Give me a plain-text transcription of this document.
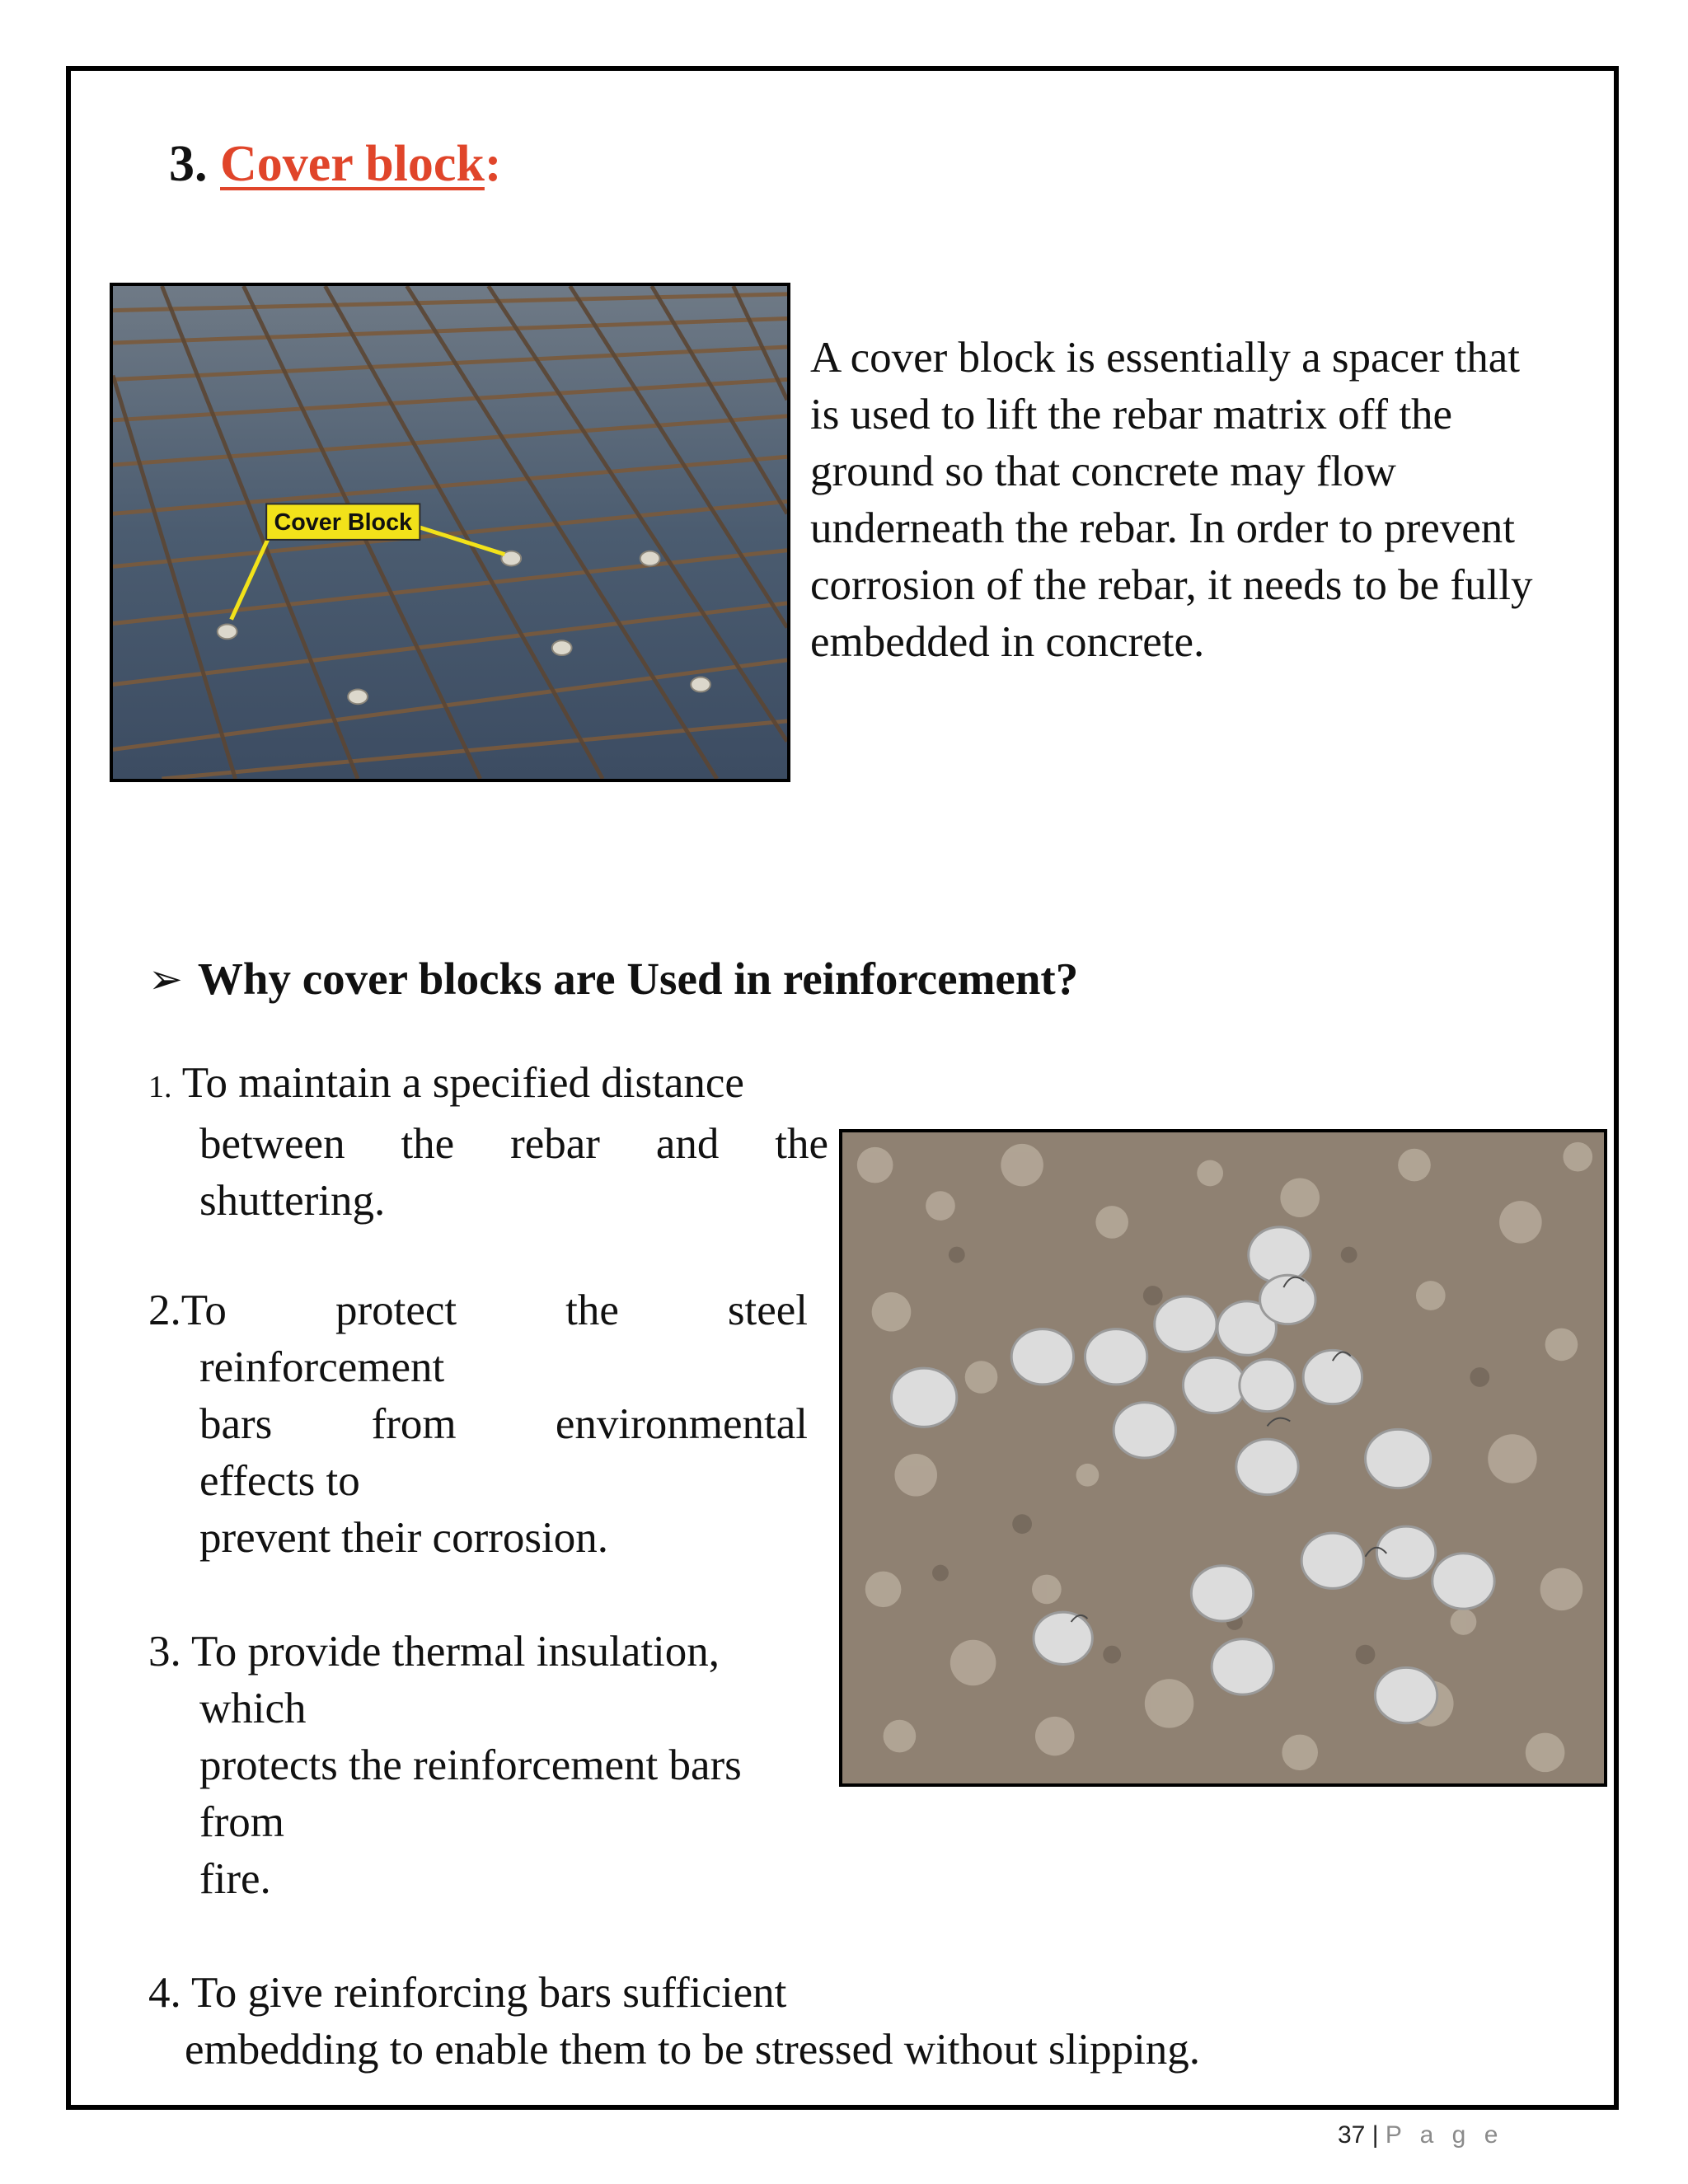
3. Cover block:
Cover Block

A cover block is essentially a spacer that is used to lift the rebar matrix off the ground so that concrete may flow underneath the rebar. In order to prevent corrosion of the rebar, it needs to be fully embedded in concrete.

➢ Why cover blocks are Used in reinforcement?
1. To maintain a specified distance
between the rebar and the
shuttering.
2.To protect the steel
reinforcement
bars from environmental
effects to
prevent their corrosion.
3. To provide thermal insulation,
which
protects the reinforcement bars
from
fire.
4. To give reinforcing bars sufficient
embedding to enable them to be stressed without slipping.
37 | P a g e
